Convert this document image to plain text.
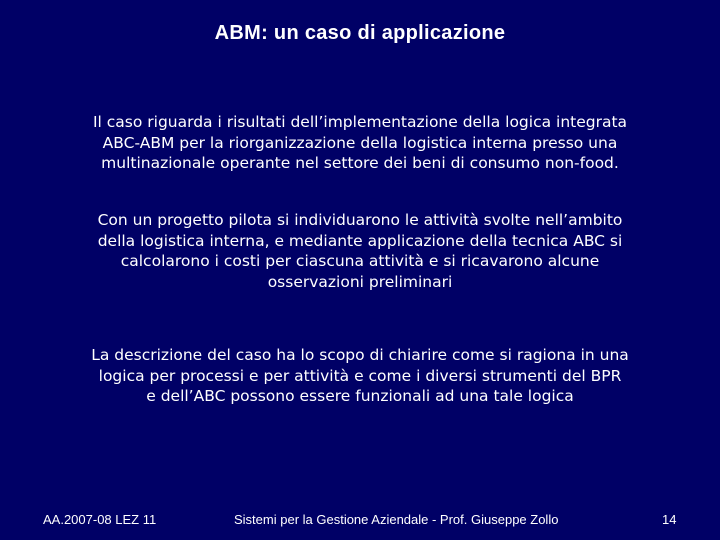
ABM: un caso di applicazione

Il caso riguarda i risultati dell’implementazione della logica integrata
ABC-ABM per la riorganizzazione della logistica interna presso una
multinazionale operante nel settore dei beni di consumo non-food.

Con un progetto pilota si individuarono le attività svolte nell’ambito
della logistica interna, e mediante applicazione della tecnica ABC si
calcolarono i costi per ciascuna attività e si ricavarono alcune
osservazioni preliminari

La descrizione del caso ha lo scopo di chiarire come si ragiona in una
logica per processi e per attività e come i diversi strumenti del BPR
e dell’ABC possono essere funzionali ad una tale logica

AA.2007-08 LEZ 11	Sistemi per la Gestione Aziendale - Prof. Giuseppe Zollo	14
